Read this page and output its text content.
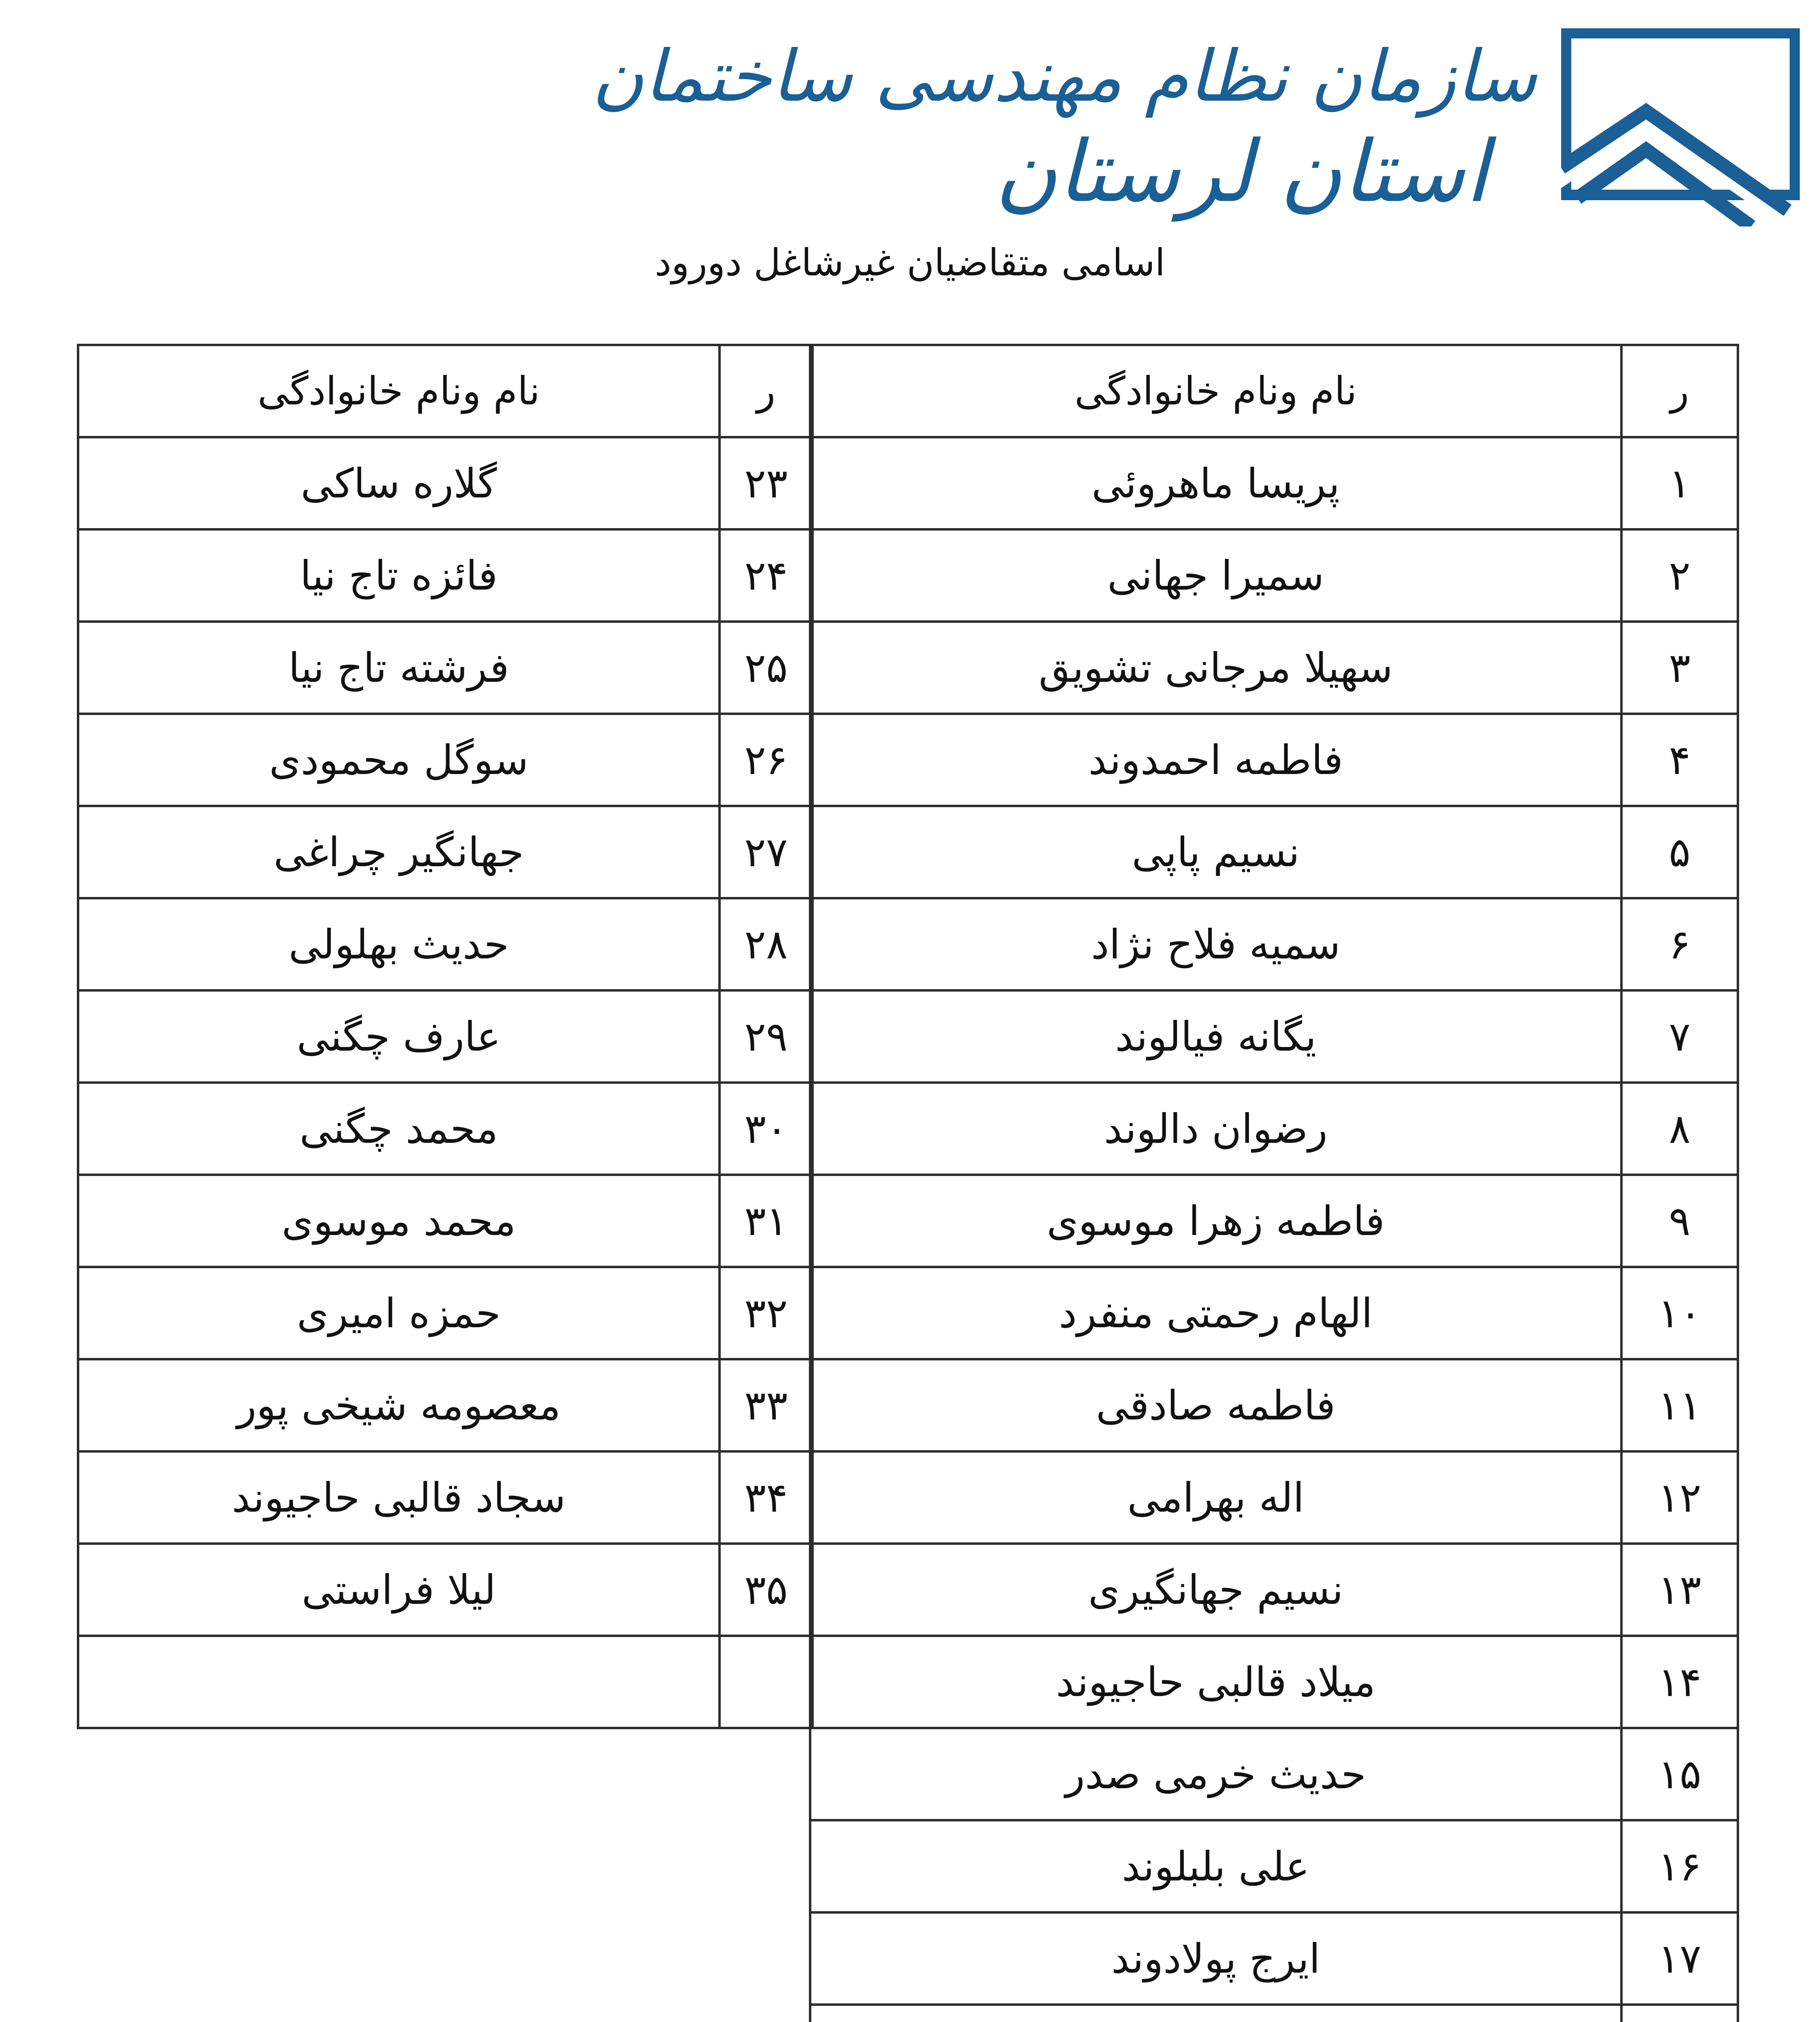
سازمان نظام مهندسی ساختمان
استان لرستان
اسامی متقاضیان غیرشاغل دورود
ر	نام ونام خانوادگی
۲۳	گلاره ساکی
۲۴	فائزه تاج نیا
۲۵	فرشته تاج نیا
۲۶	سوگل محمودی
۲۷	جهانگیر چراغی
۲۸	حدیث بهلولی
۲۹	عارف چگنی
۳۰	محمد چگنی
۳۱	محمد موسوی
۳۲	حمزه امیری
۳۳	معصومه شیخی پور
۳۴	سجاد قالبی حاجیوند
۳۵	لیلا فراستی

ر	نام ونام خانوادگی
۱	پریسا ماهروئی
۲	سمیرا جهانی
۳	سهیلا مرجانی تشویق
۴	فاطمه احمدوند
۵	نسیم پاپی
۶	سمیه فلاح نژاد
۷	یگانه فیالوند
۸	رضوان دالوند
۹	فاطمه زهرا موسوی
۱۰	الهام رحمتی منفرد
۱۱	فاطمه صادقی
۱۲	اله بهرامی
۱۳	نسیم جهانگیری
۱۴	میلاد قالبی حاجیوند
۱۵	حدیث خرمی صدر
۱۶	علی بلبلوند
۱۷	ایرج پولادوند
